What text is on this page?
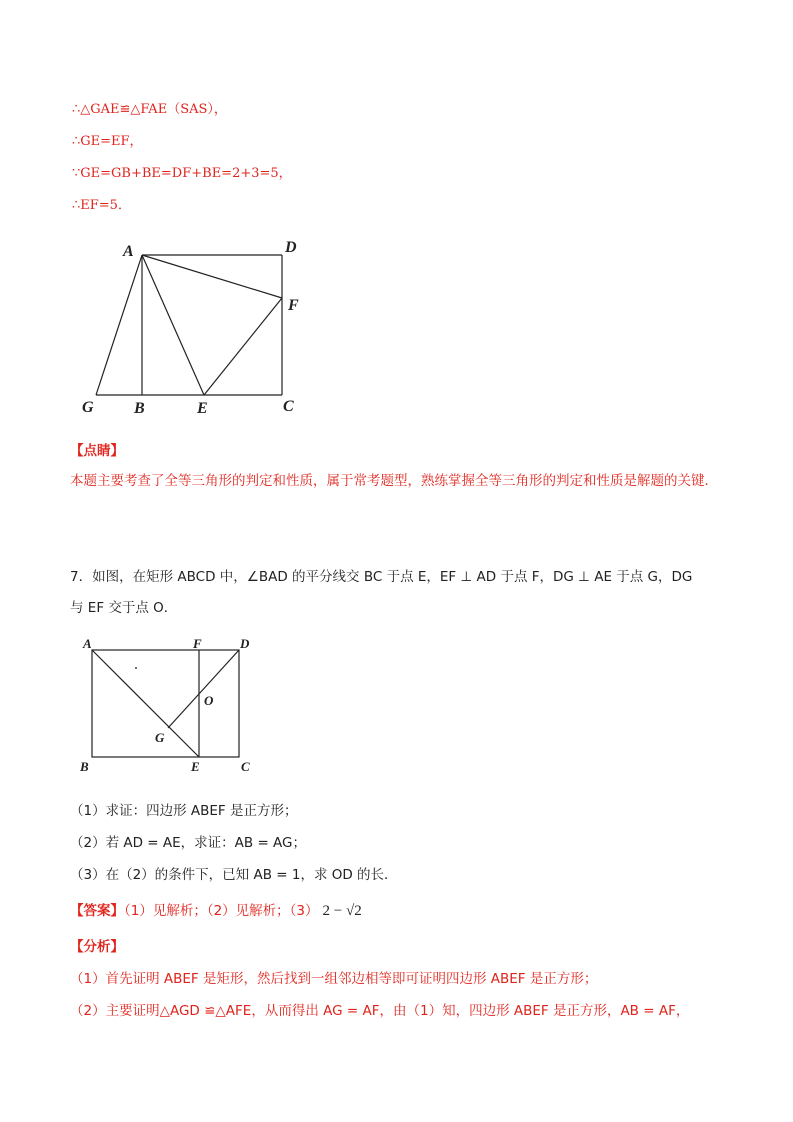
∴△GAE≌△FAE（SAS），
∴GE=EF，
∵GE=GB+BE=DF+BE=2+3=5，
∴EF=5．
A	D
F
G	B	E	C
【点睛】
本题主要考查了全等三角形的判定和性质，属于常考题型，熟练掌握全等三角形的判定和性质是解题的关键．
7．如图，在矩形 ABCD 中，∠BAD 的平分线交 BC 于点 E，EF ⊥ AD 于点 F，DG ⊥ AE 于点 G，DG
与 EF 交于点 O．
A	F	D
O
G
B	E	C
（1）求证：四边形 ABEF 是正方形；
（2）若 AD = AE，求证：AB = AG；
（3）在（2）的条件下，已知 AB = 1，求 OD 的长．
【答案】（1）见解析；（2）见解析；（3） 2 − √2
【分析】
（1）首先证明 ABEF 是矩形，然后找到一组邻边相等即可证明四边形 ABEF 是正方形；
（2）主要证明△AGD ≌△AFE，从而得出 AG = AF，由（1）知，四边形 ABEF 是正方形，AB = AF，
